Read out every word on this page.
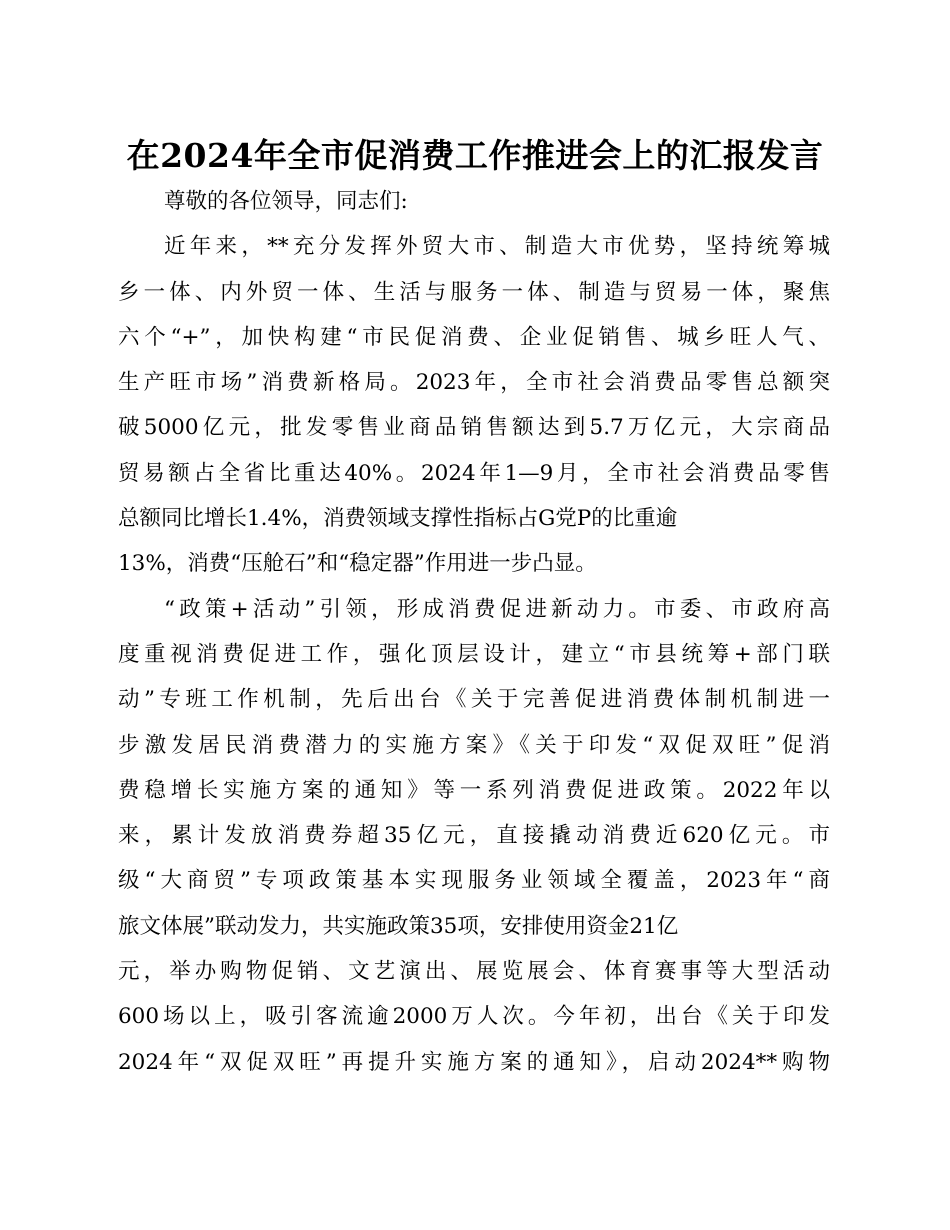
在2024年全市促消费工作推进会上的汇报发言

尊敬的各位领导，同志们:

近年来，**充分发挥外贸大市、制造大市优势，坚持统筹城

乡一体、内外贸一体、生活与服务一体、制造与贸易一体，聚焦

六个“+”，加快构建“市民促消费、企业促销售、城乡旺人气、

生产旺市场”消费新格局。2023年，全市社会消费品零售总额突

破5000亿元，批发零售业商品销售额达到5.7万亿元，大宗商品

贸易额占全省比重达40%。2024年1—9月，全市社会消费品零售

总额同比增长1.4%，消费领域支撑性指标占G党P的比重逾

13%，消费“压舱石”和“稳定器”作用进一步凸显。

“政策+活动”引领，形成消费促进新动力。市委、市政府高

度重视消费促进工作，强化顶层设计，建立“市县统筹+部门联

动”专班工作机制，先后出台《关于完善促进消费体制机制进一

步激发居民消费潜力的实施方案》《关于印发“双促双旺”促消

费稳增长实施方案的通知》等一系列消费促进政策。2022年以

来，累计发放消费券超35亿元，直接撬动消费近620亿元。市

级“大商贸”专项政策基本实现服务业领域全覆盖，2023年“商

旅文体展”联动发力，共实施政策35项，安排使用资金21亿

元，举办购物促销、文艺演出、展览展会、体育赛事等大型活动

600场以上，吸引客流逾2000万人次。今年初，出台《关于印发

2024年“双促双旺”再提升实施方案的通知》，启动2024**购物
